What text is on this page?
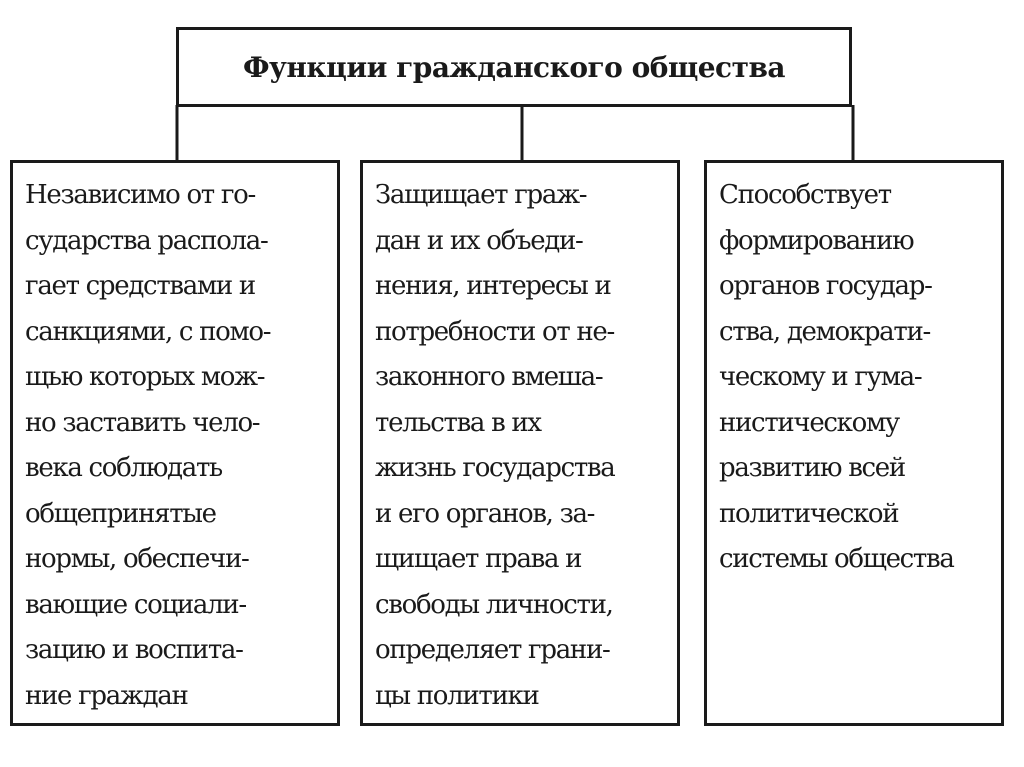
Функции гражданского общества
Независимо от го-
сударства распола-
гает средствами и
санкциями, с помо-
щью которых мож-
но заставить чело-
века соблюдать
общепринятые
нормы, обеспечи-
вающие социали-
зацию и воспита-
ние граждан
Защищает граж-
дан и их объеди-
нения, интересы и
потребности от не-
законного вмеша-
тельства в их
жизнь государства
и его органов, за-
щищает права и
свободы личности,
определяет грани-
цы политики
Способствует
формированию
органов государ-
ства, демократи-
ческому и гума-
нистическому
развитию всей
политической
системы общества
